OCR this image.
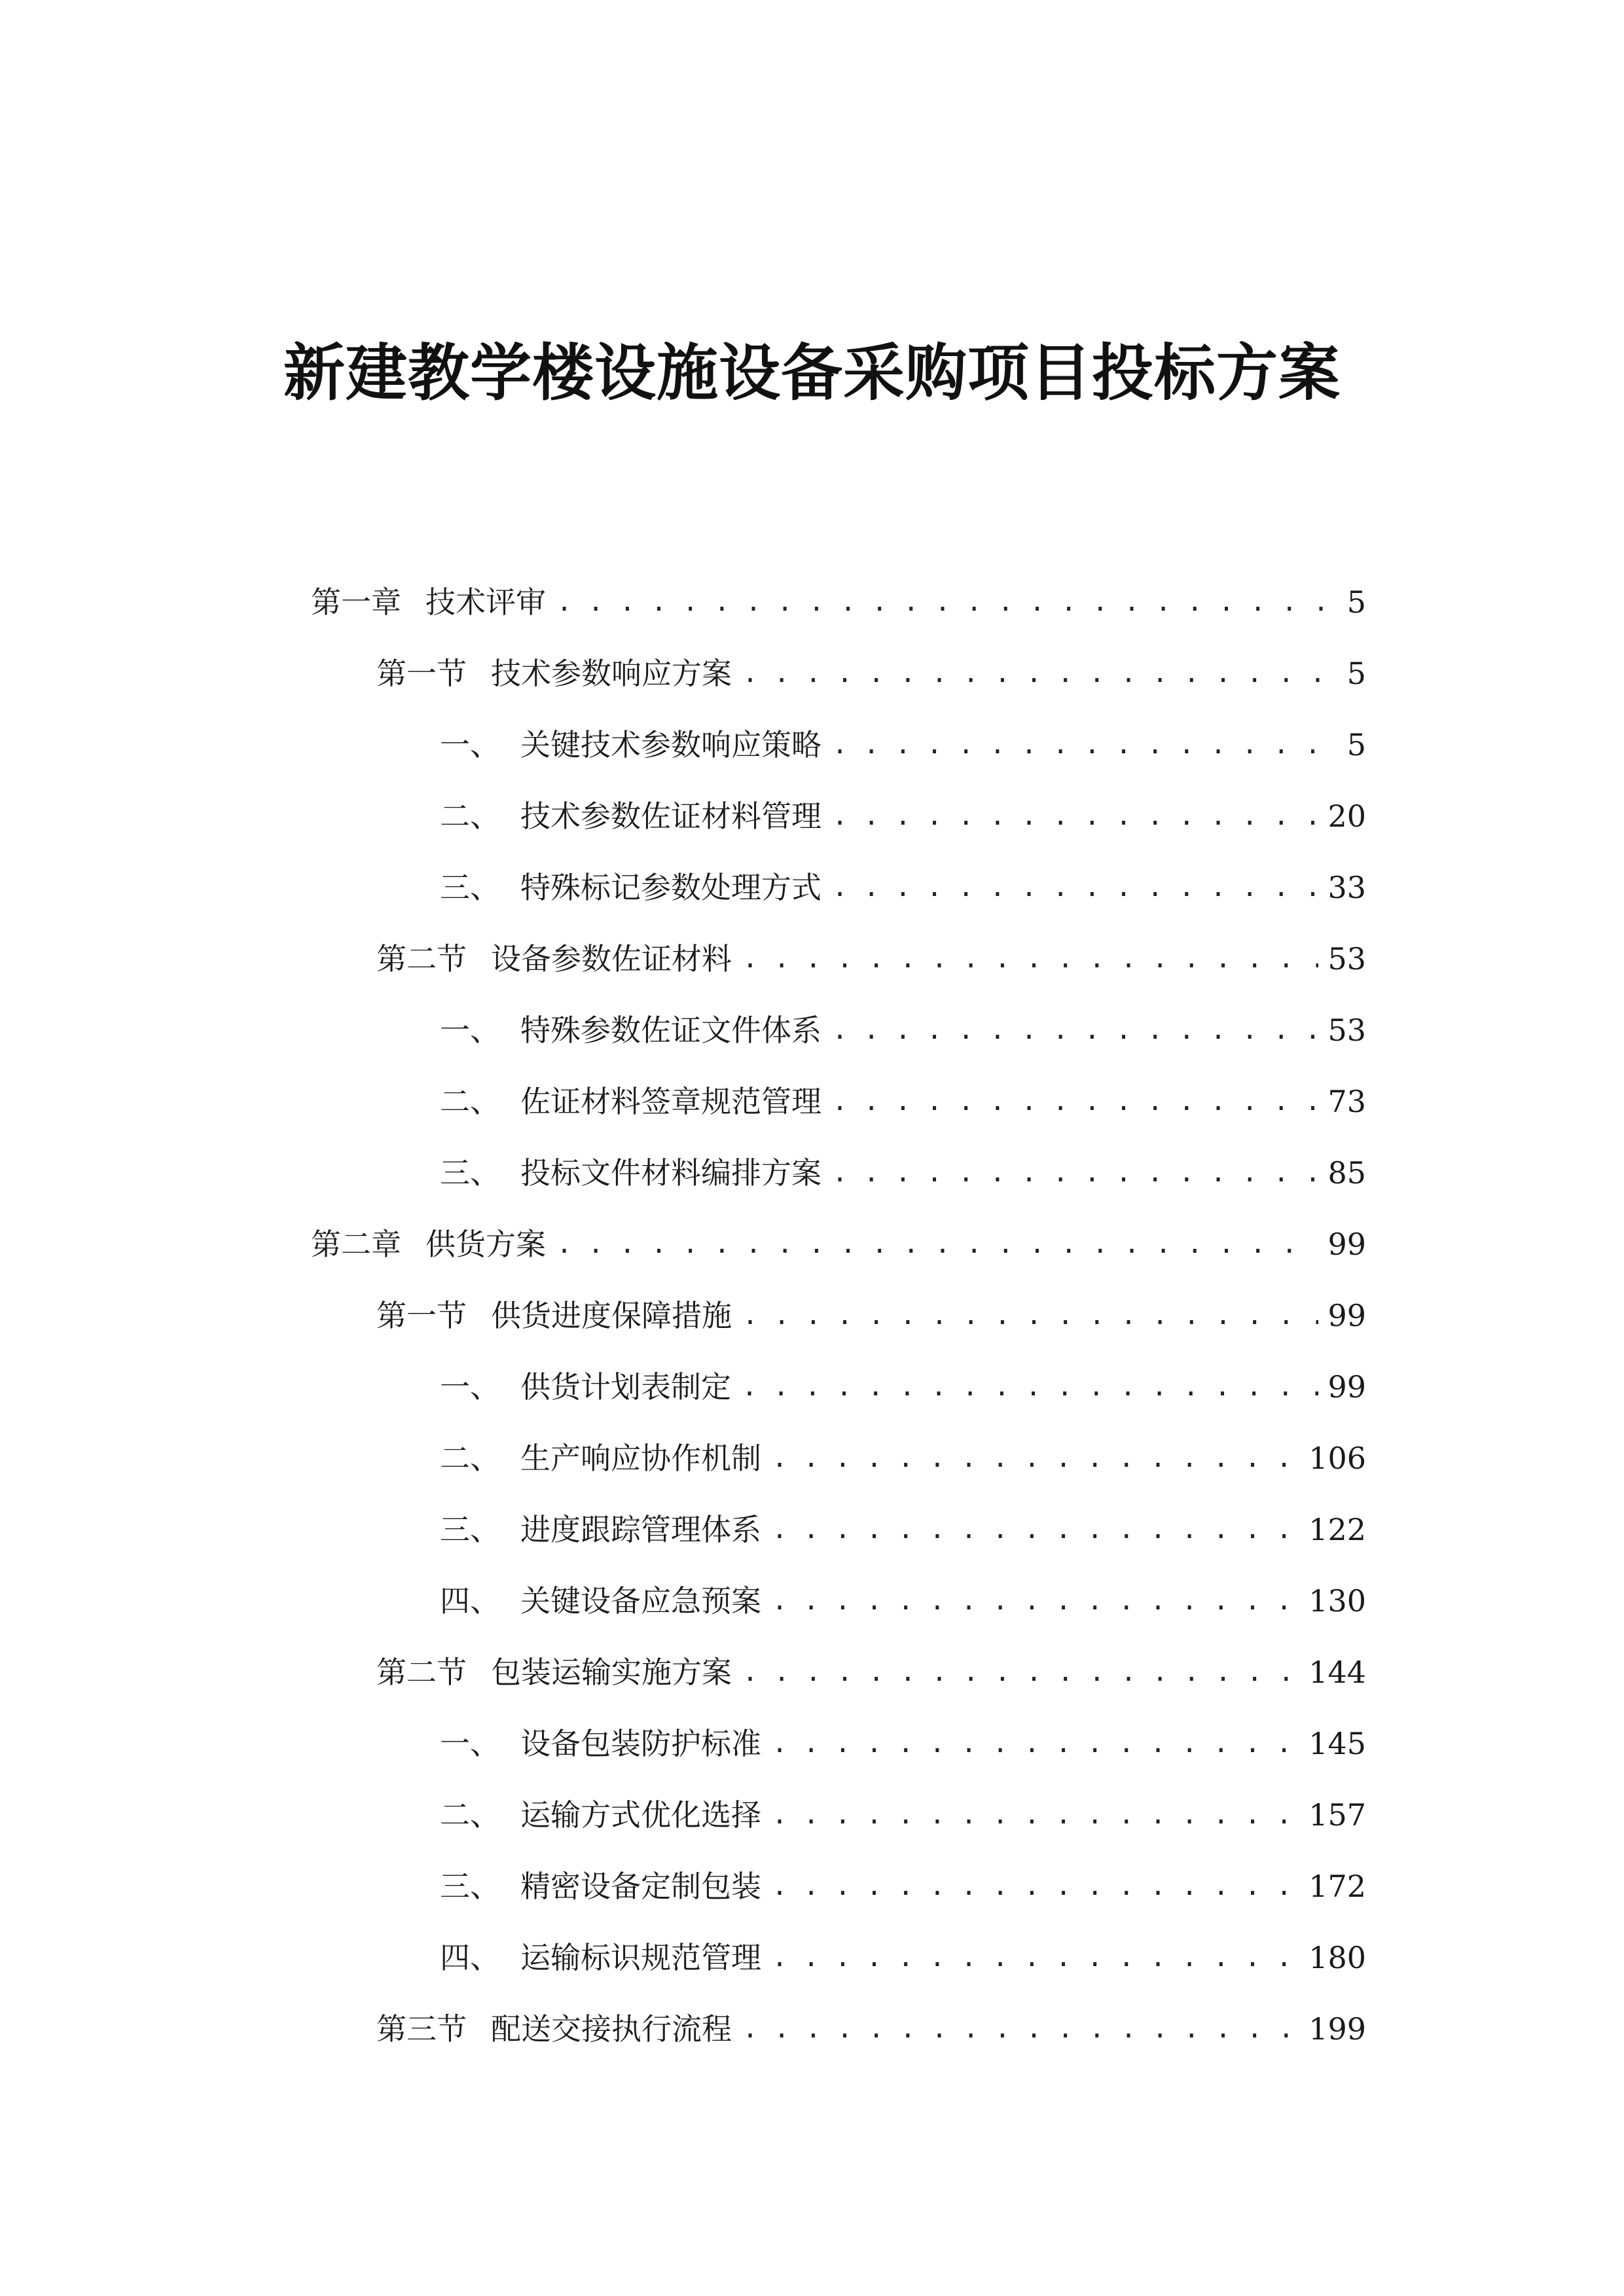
新建教学楼设施设备采购项目投标方案
第一章 技术评审 . . .	5
第一节 技术参数响应方案 . . .	5
一、 关键技术参数响应策略 . . .	5
二、 技术参数佐证材料管理 . . .	20
三、 特殊标记参数处理方式 . . .	33
第二节 设备参数佐证材料 . . .	53
一、 特殊参数佐证文件体系 . . .	53
二、 佐证材料签章规范管理 . . .	73
三、 投标文件材料编排方案 . . .	85
第二章 供货方案 . . .	99
第一节 供货进度保障措施 . . .	99
一、 供货计划表制定 . . .	99
二、 生产响应协作机制 . . .	106
三、 进度跟踪管理体系 . . .	122
四、 关键设备应急预案 . . .	130
第二节 包装运输实施方案 . . .	144
一、 设备包装防护标准 . . .	145
二、 运输方式优化选择 . . .	157
三、 精密设备定制包装 . . .	172
四、 运输标识规范管理 . . .	180
第三节 配送交接执行流程 . . .	199
